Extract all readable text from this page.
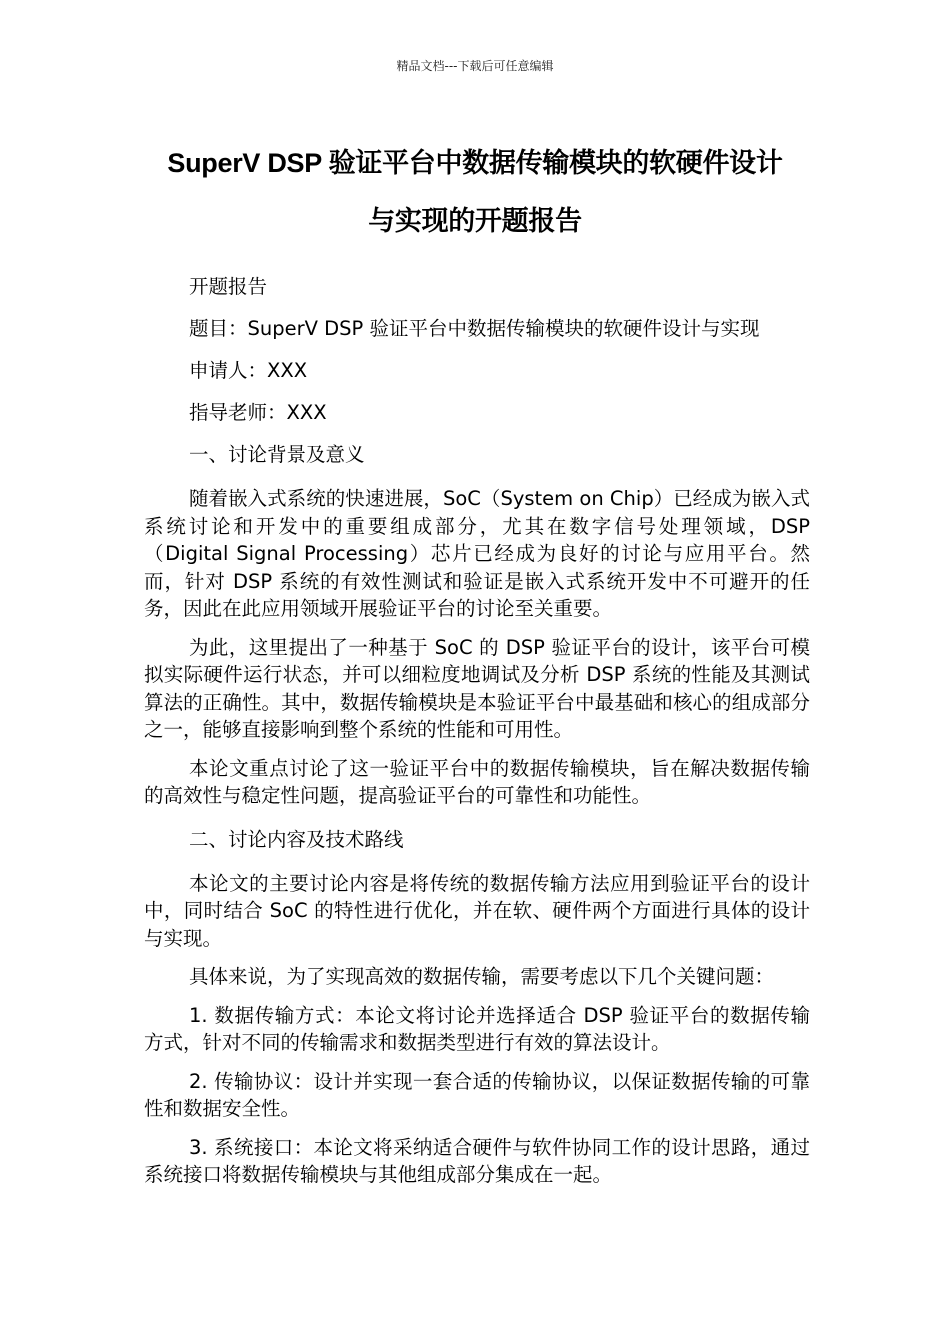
精品文档---下载后可任意编辑
SuperV DSP 验证平台中数据传输模块的软硬件设计
与实现的开题报告
开题报告
题目：SuperV DSP 验证平台中数据传输模块的软硬件设计与实现
申请人：XXX
指导老师：XXX
一、讨论背景及意义

随着嵌入式系统的快速进展，SoC（System on Chip）已经成为嵌入式系统讨论和开发中的重要组成部分，尤其在数字信号处理领域，DSP（Digital Signal Processing）芯片已经成为良好的讨论与应用平台。然而，针对 DSP 系统的有效性测试和验证是嵌入式系统开发中不可避开的任务，因此在此应用领域开展验证平台的讨论至关重要。

为此，这里提出了一种基于 SoC 的 DSP 验证平台的设计，该平台可模拟实际硬件运行状态，并可以细粒度地调试及分析 DSP 系统的性能及其测试算法的正确性。其中，数据传输模块是本验证平台中最基础和核心的组成部分之一，能够直接影响到整个系统的性能和可用性。

本论文重点讨论了这一验证平台中的数据传输模块，旨在解决数据传输的高效性与稳定性问题，提高验证平台的可靠性和功能性。

二、讨论内容及技术路线

本论文的主要讨论内容是将传统的数据传输方法应用到验证平台的设计中，同时结合 SoC 的特性进行优化，并在软、硬件两个方面进行具体的设计与实现。

具体来说，为了实现高效的数据传输，需要考虑以下几个关键问题：

1. 数据传输方式：本论文将讨论并选择适合 DSP 验证平台的数据传输方式，针对不同的传输需求和数据类型进行有效的算法设计。

2. 传输协议：设计并实现一套合适的传输协议，以保证数据传输的可靠性和数据安全性。

3. 系统接口：本论文将采纳适合硬件与软件协同工作的设计思路，通过系统接口将数据传输模块与其他组成部分集成在一起。
